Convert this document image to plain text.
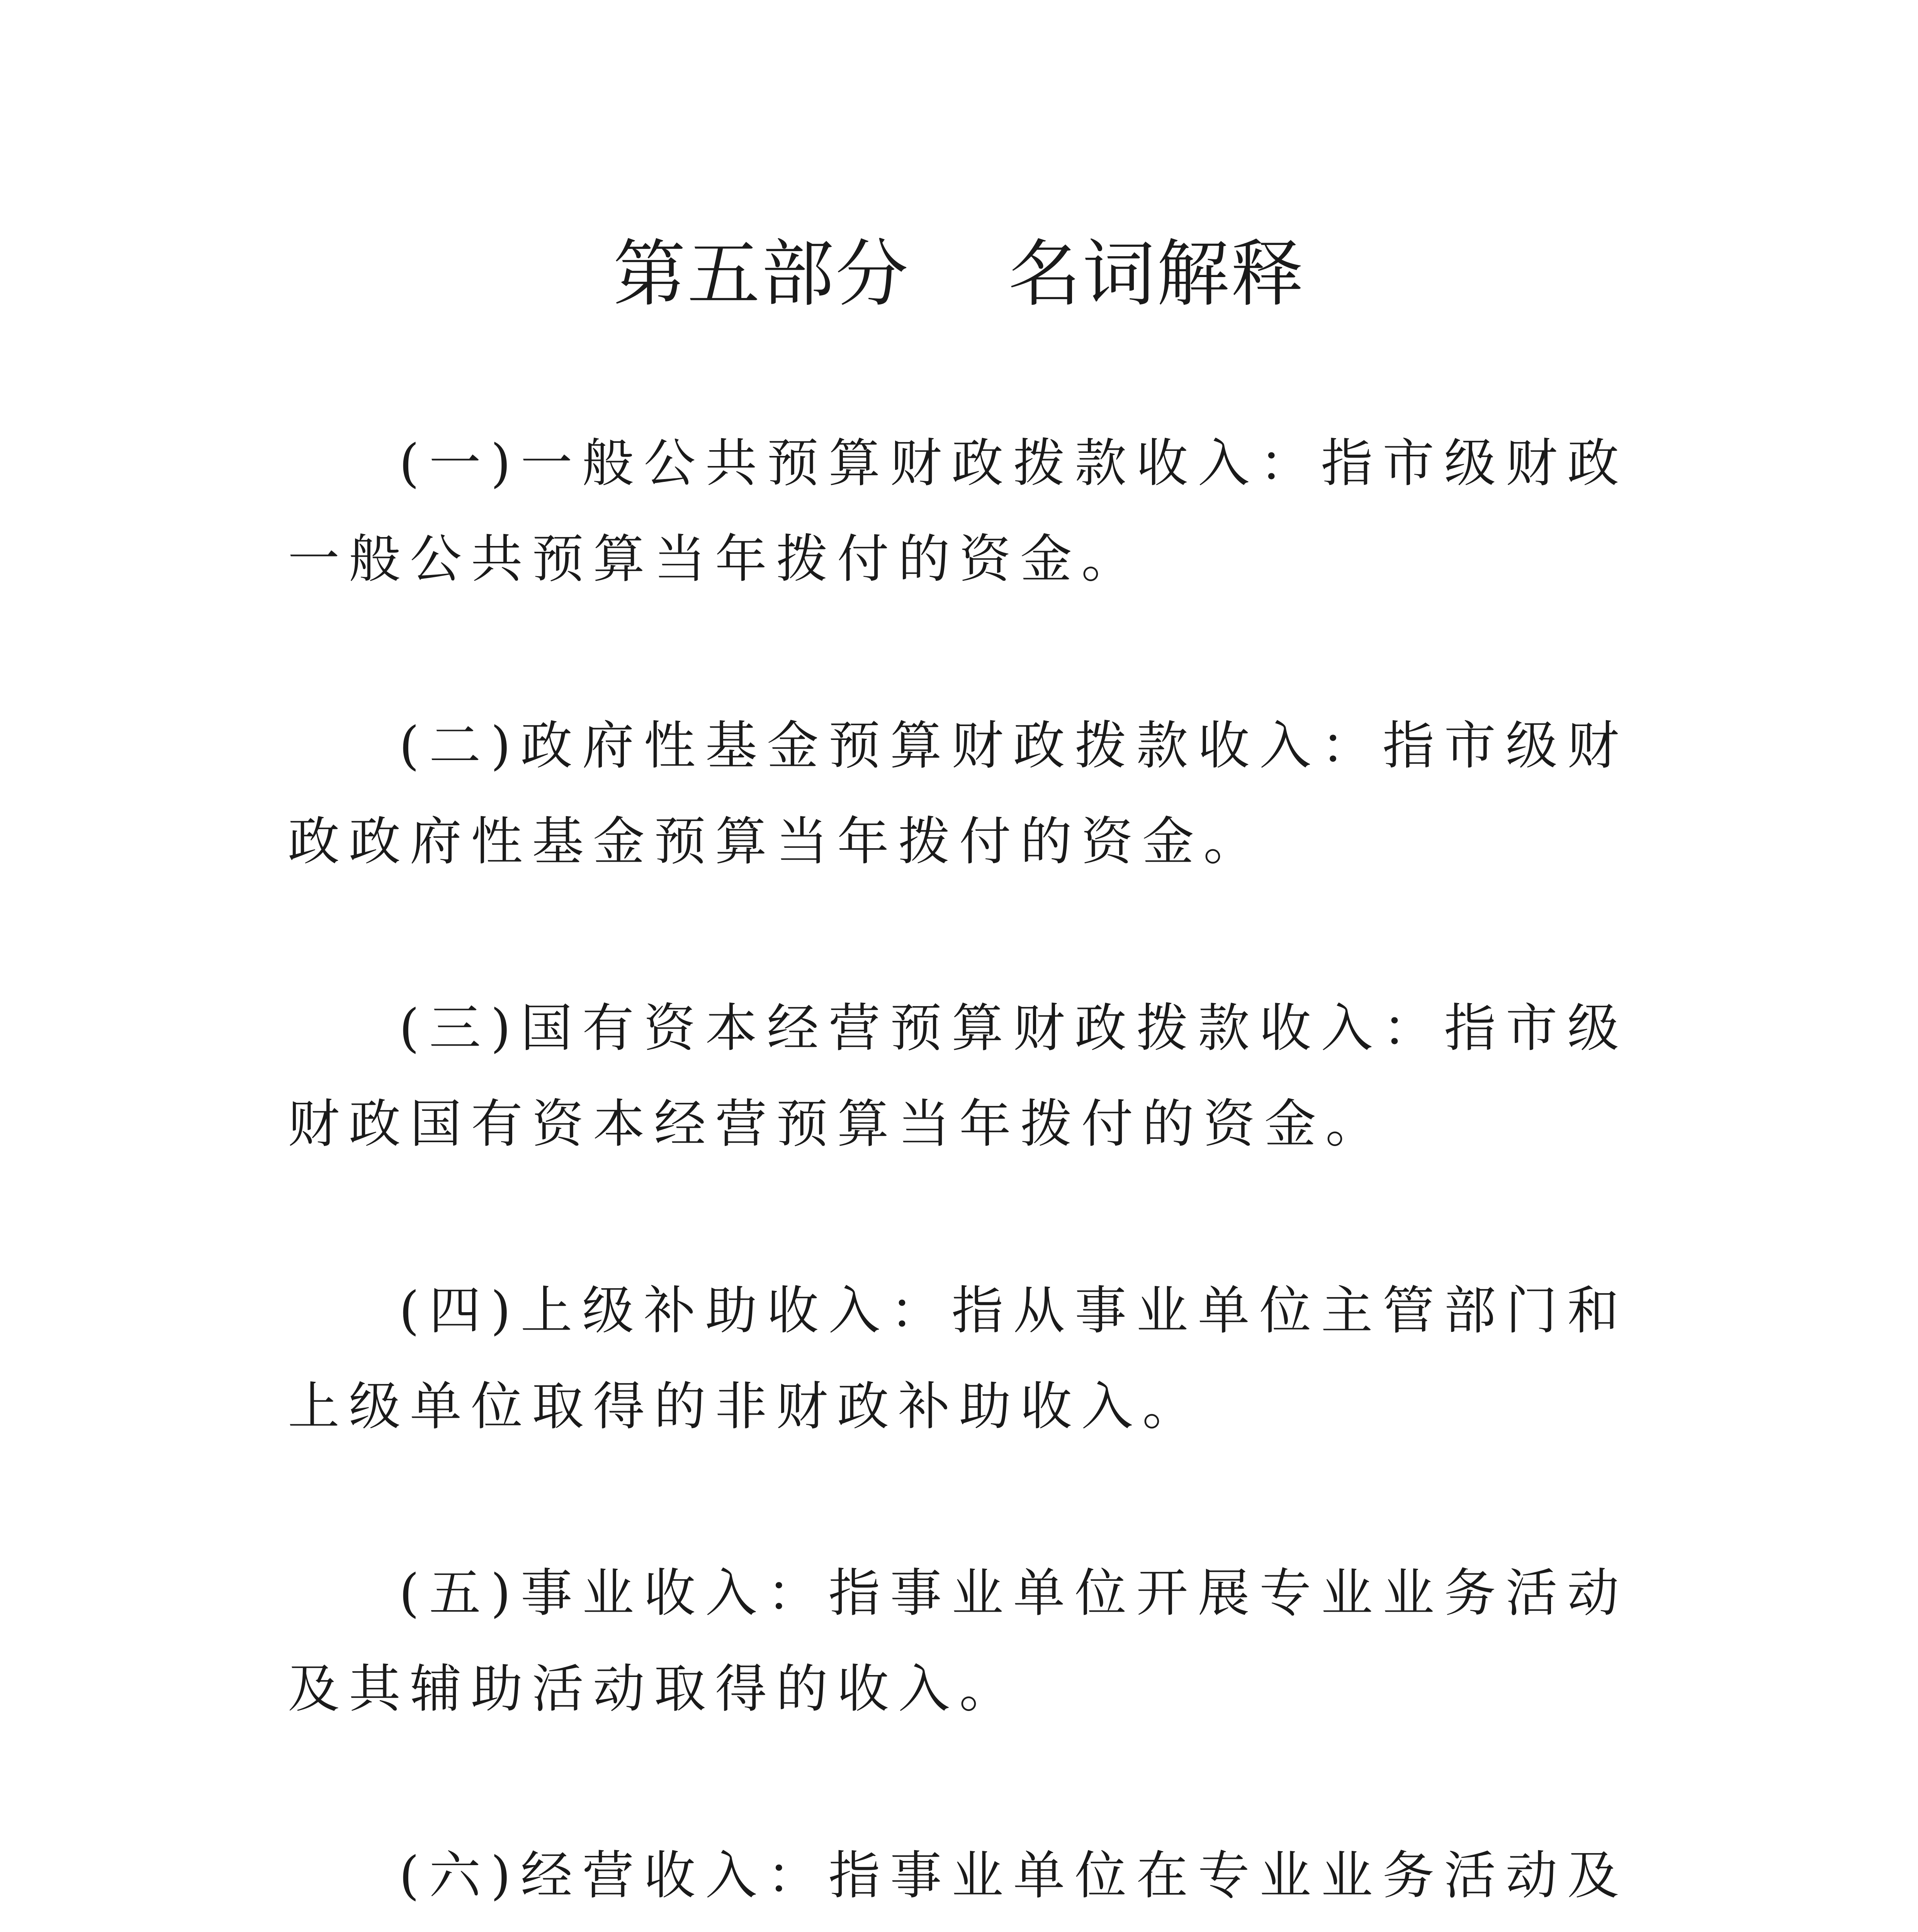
第五部分    名词解释

(一)一般公共预算财政拨款收入：指市级财政一般公共预算当年拨付的资金。

(二)政府性基金预算财政拨款收入：指市级财政政府性基金预算当年拨付的资金。

(三)国有资本经营预算财政拨款收入：指市级财政国有资本经营预算当年拨付的资金。

(四)上级补助收入：指从事业单位主管部门和上级单位取得的非财政补助收入。

(五)事业收入：指事业单位开展专业业务活动及其辅助活动取得的收入。

(六)经营收入：指事业单位在专业业务活动及
